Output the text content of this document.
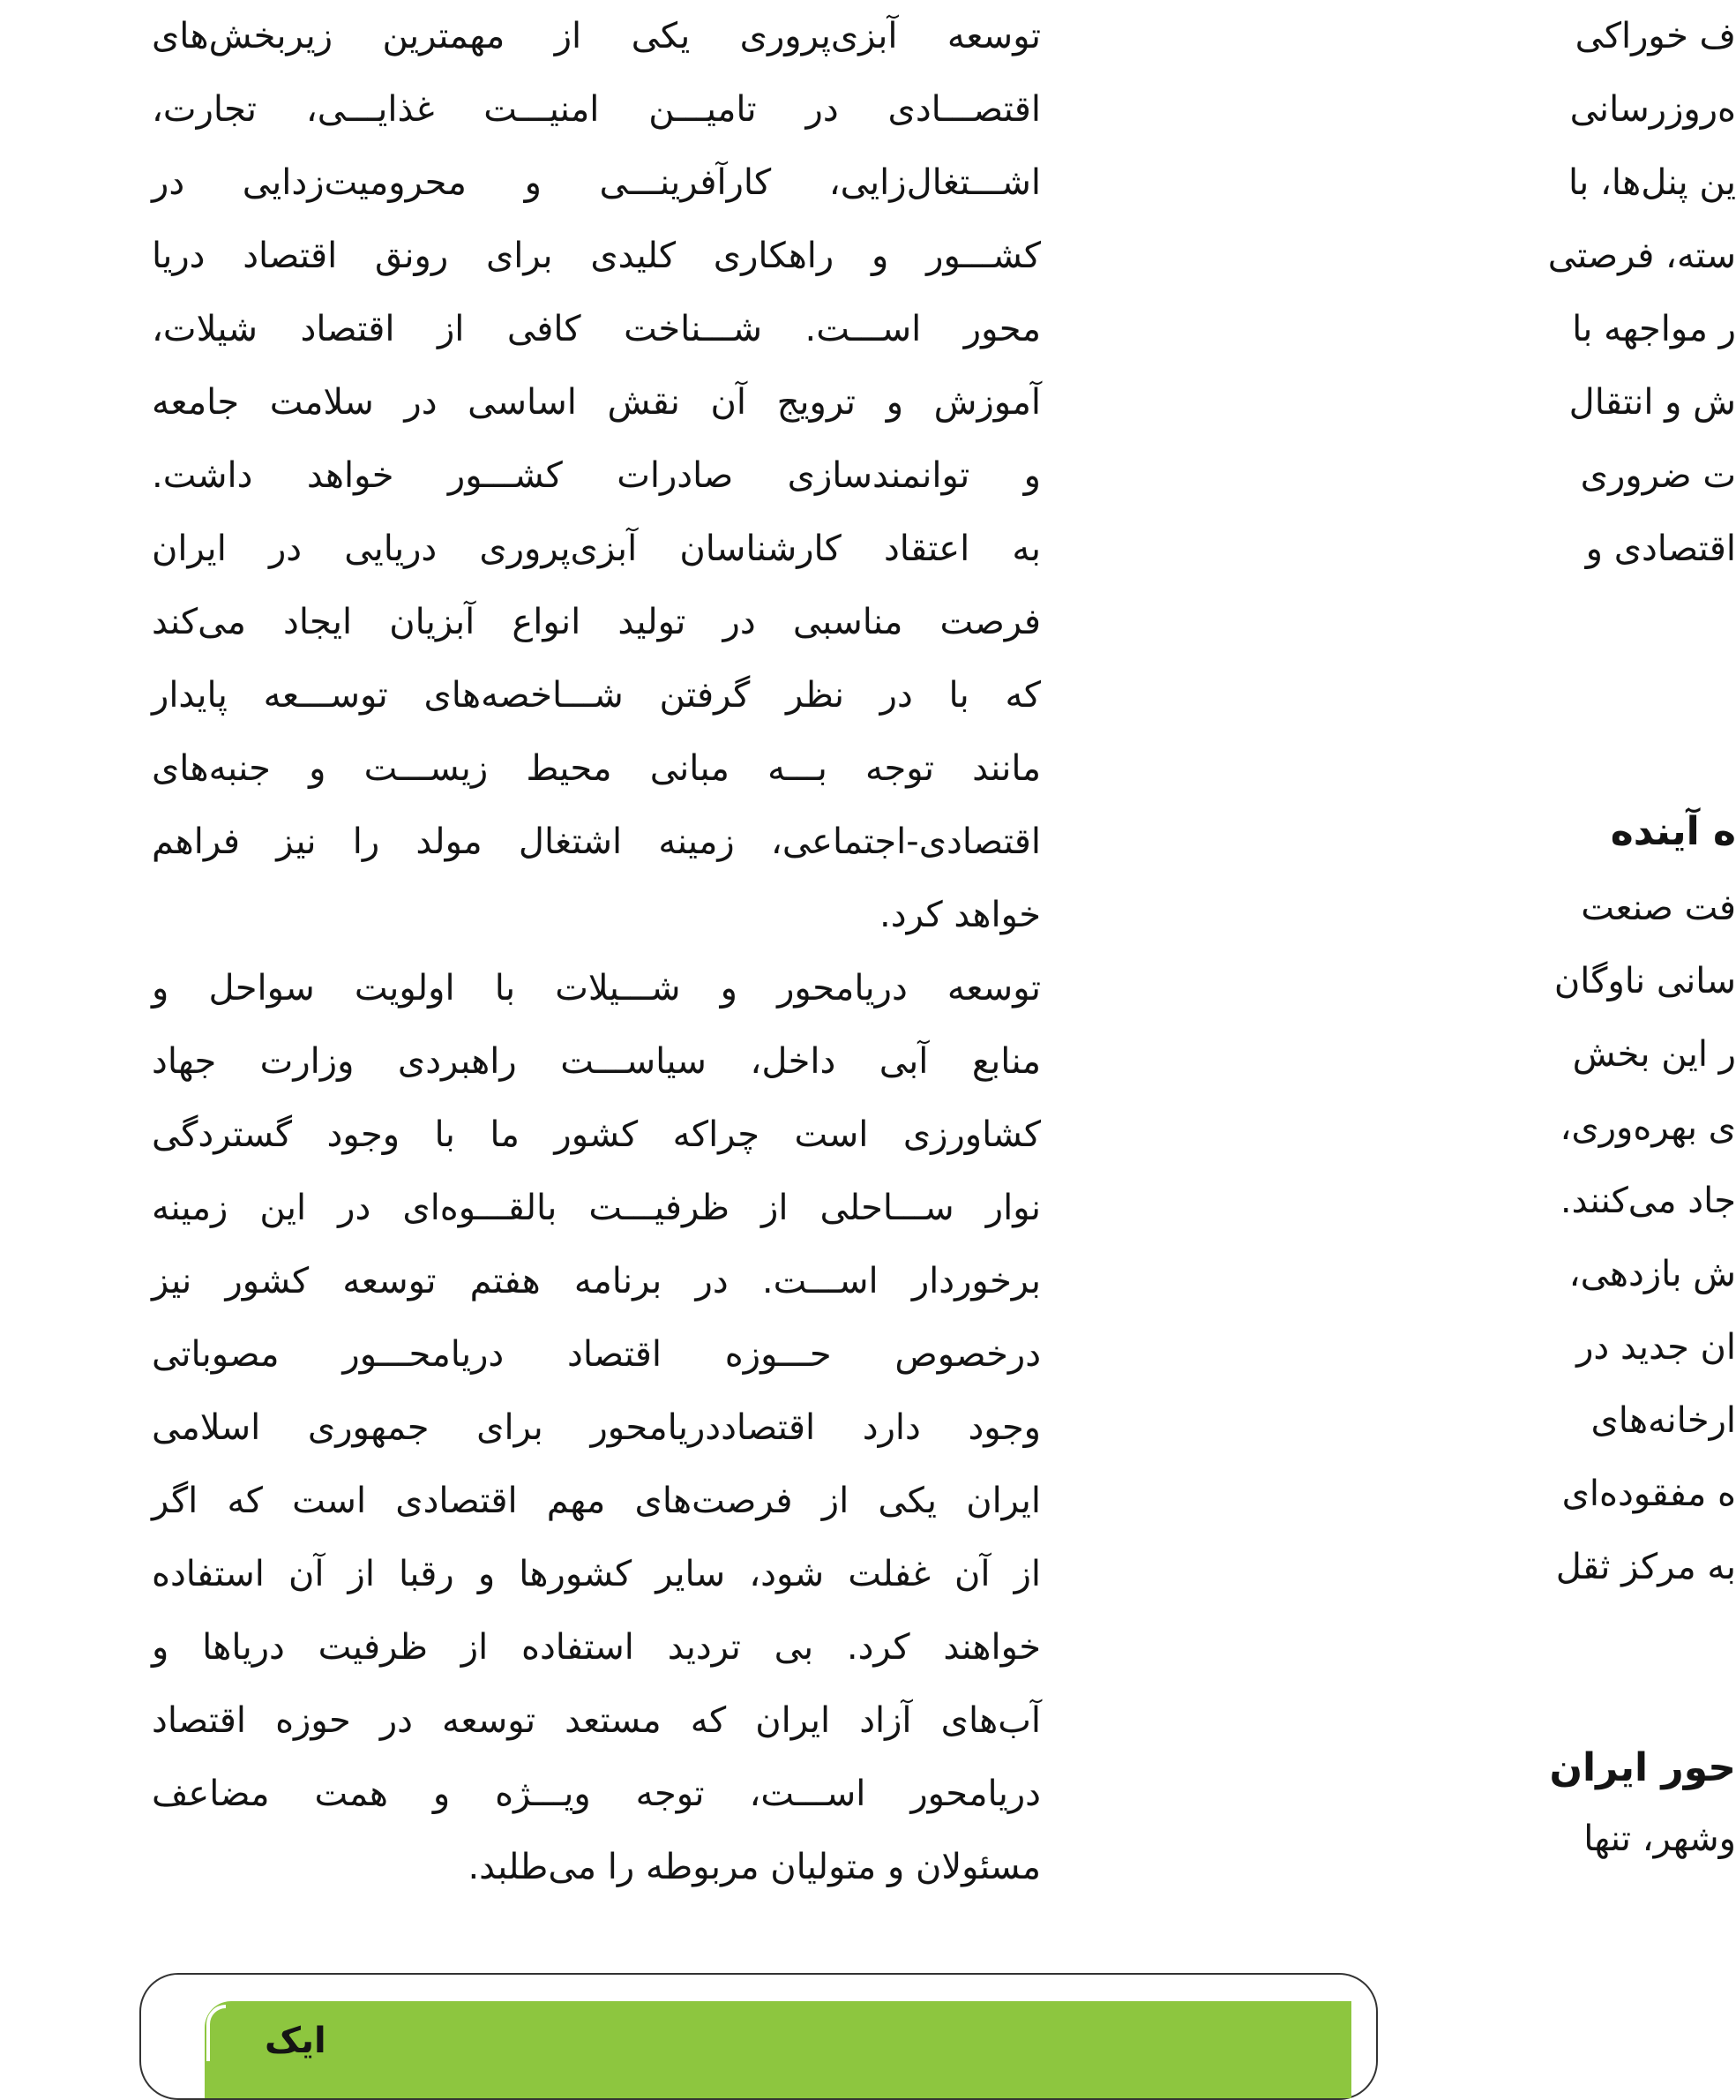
توسعه آبزی‌پروری یکی از مهمترین زیربخش‌های
اقتصـــادی در تامیـــن امنیـــت غذایـــی، تجارت،
اشـــتغال‌زایی، کارآفرینـــی و محرومیت‌زدایی در
کشـــور و راهکاری کلیدی برای رونق اقتصاد دریا
محور اســـت. شـــناخت کافی از اقتصاد شیلات،
آموزش و ترویج آن نقش اساسی در سلامت جامعه
و توانمندسازی صادرات کشـــور خواهد داشت.
به اعتقاد کارشناسان آبزی‌پروری دریایی در ایران
فرصت مناسبی در تولید انواع آبزیان ایجاد می‌کند
که با در نظر گرفتن شـــاخصه‌های توســـعه پایدار
مانند توجه بـــه مبانی محیط زیســـت و جنبه‌های
اقتصادی-اجتماعی، زمینه اشتغال مولد را نیز فراهم
خواهد کرد.
توسعه دریامحور و شـــیلات با اولویت سواحل و
منابع آبی داخل، سیاســـت راهبردی وزارت جهاد
کشاورزی است چراکه کشور ما با وجود گستردگی
نوار ســـاحلی از ظرفیـــت بالقـــوه‌ای در این زمینه
برخوردار اســـت. در برنامه هفتم توسعه کشور نیز
درخصوص حـــوزه اقتصاد دریامحـــور مصوباتی
وجود دارد اقتصاددریامحور برای جمهوری اسلامی
ایران یکی از فرصت‌های مهم اقتصادی است که اگر
از آن غفلت شود، سایر کشورها و رقبا از آن استفاده
خواهند کرد. بی تردید استفاده از ظرفیت دریاها و
آب‌های آزاد ایران که مستعد توسعه در حوزه اقتصاد
دریامحور اســـت، توجه ویـــژه و همت مضاعف
مسئولان و متولیان مربوطه را می‌طلبد.
ف خوراکی
ه‌روزرسانی
ین پنل‌ها، با
سته، فرصتی
ر مواجهه با
ش و انتقال
ت ضروری
اقتصادی و
ه آینده
فت صنعت
سانی ناوگان
ر این بخش
ی بهره‌وری،
جاد می‌کنند.
ش بازدهی،
ان جدید در
ارخانه‌های
ه مفقوده‌ای
به مرکز ثقل
حور ایران
وشهر، تنها
ایک
